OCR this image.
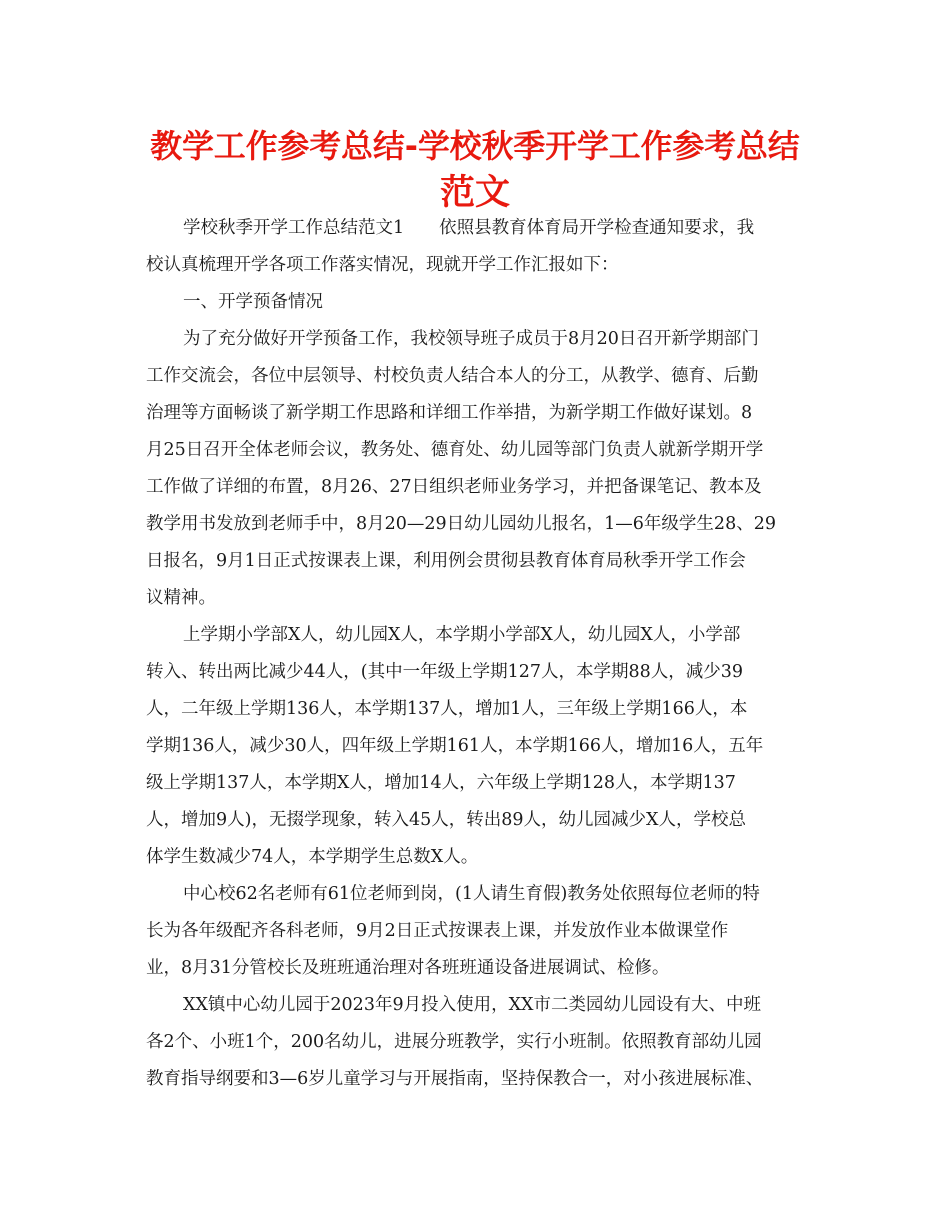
教学工作参考总结-学校秋季开学工作参考总结
范文
学校秋季开学工作总结范文1　　依照县教育体育局开学检查通知要求，我
校认真梳理开学各项工作落实情况，现就开学工作汇报如下：
一、开学预备情况
为了充分做好开学预备工作，我校领导班子成员于8月20日召开新学期部门
工作交流会，各位中层领导、村校负责人结合本人的分工，从教学、德育、后勤
治理等方面畅谈了新学期工作思路和详细工作举措，为新学期工作做好谋划。8
月25日召开全体老师会议，教务处、德育处、幼儿园等部门负责人就新学期开学
工作做了详细的布置，8月26、27日组织老师业务学习，并把备课笔记、教本及
教学用书发放到老师手中，8月20—29日幼儿园幼儿报名，1—6年级学生28、29
日报名，9月1日正式按课表上课，利用例会贯彻县教育体育局秋季开学工作会
议精神。
上学期小学部X人，幼儿园X人，本学期小学部X人，幼儿园X人，小学部
转入、转出两比减少44人，(其中一年级上学期127人，本学期88人，减少39
人，二年级上学期136人，本学期137人，增加1人，三年级上学期166人，本
学期136人，减少30人，四年级上学期161人，本学期166人，增加16人，五年
级上学期137人，本学期X人，增加14人，六年级上学期128人，本学期137
人，增加9人)，无掇学现象，转入45人，转出89人，幼儿园减少X人，学校总
体学生数减少74人，本学期学生总数X人。
中心校62名老师有61位老师到岗，(1人请生育假)教务处依照每位老师的特
长为各年级配齐各科老师，9月2日正式按课表上课，并发放作业本做课堂作
业，8月31分管校长及班班通治理对各班班通设备进展调试、检修。
XX镇中心幼儿园于2023年9月投入使用，XX市二类园幼儿园设有大、中班
各2个、小班1个，200名幼儿，进展分班教学，实行小班制。依照教育部幼儿园
教育指导纲要和3—6岁儿童学习与开展指南，坚持保教合一，对小孩进展标准、
